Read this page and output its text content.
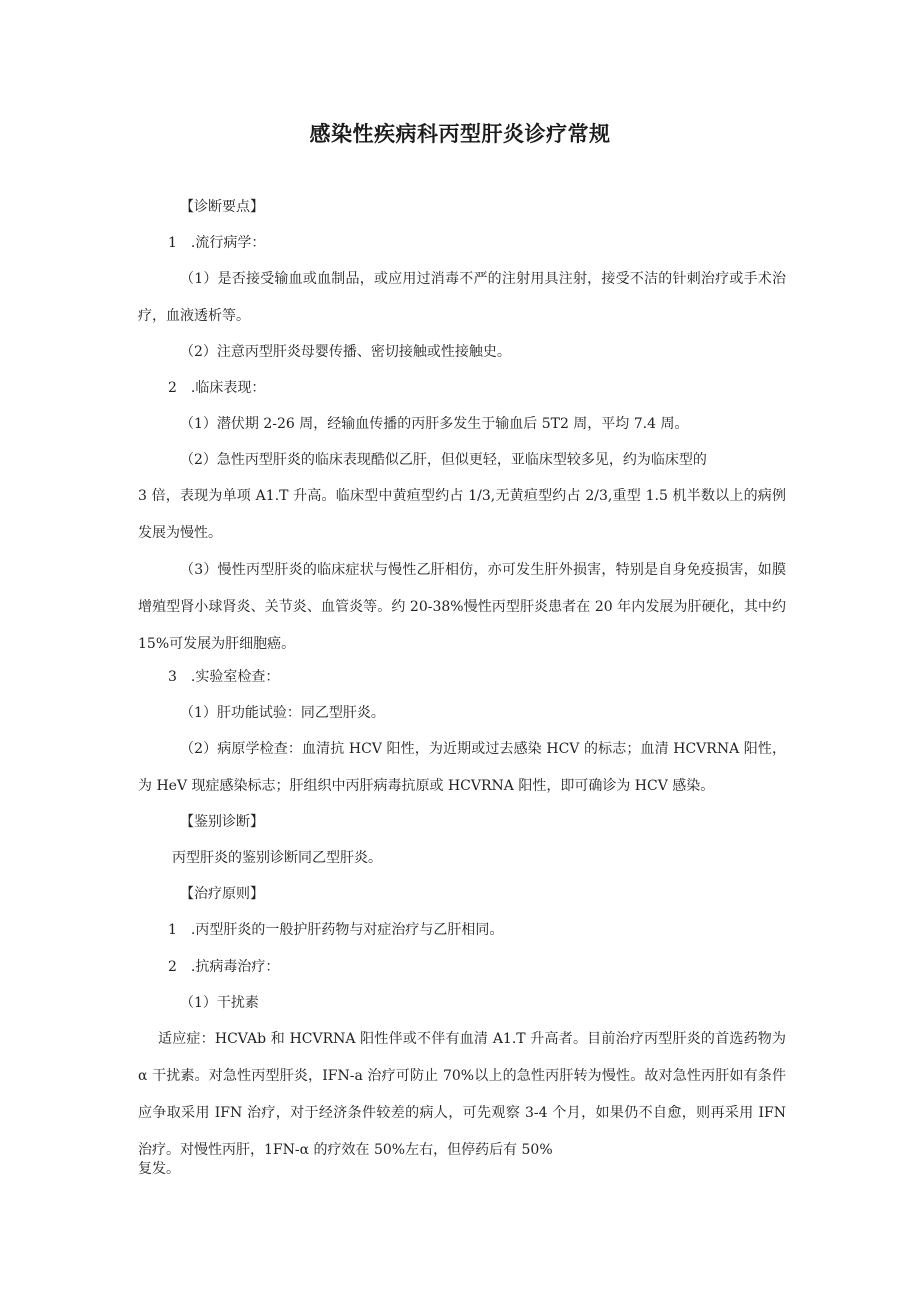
感染性疾病科丙型肝炎诊疗常规
【诊断要点】
1　.流行病学：
（1）是否接受输血或血制品，或应用过消毒不严的注射用具注射，接受不洁的针刺治疗或手术治疗，血液透析等。
（2）注意丙型肝炎母婴传播、密切接触或性接触史。
2　.临床表现：
（1）潜伏期 2-26 周，经输血传播的丙肝多发生于输血后 5T2 周，平均 7.4 周。
（2）急性丙型肝炎的临床表现酷似乙肝，但似更轻，亚临床型较多见，约为临床型的
3 倍，表现为单项 A1.T 升高。临床型中黄疸型约占 1/3,无黄疸型约占 2/3,重型 1.5 机半数以上的病例发展为慢性。
（3）慢性丙型肝炎的临床症状与慢性乙肝相仿，亦可发生肝外损害，特别是自身免疫损害，如膜增殖型肾小球肾炎、关节炎、血管炎等。约 20-38%慢性丙型肝炎患者在 20 年内发展为肝硬化，其中约 15%可发展为肝细胞癌。
3　.实验室检查：
（1）肝功能试验：同乙型肝炎。
（2）病原学检查：血清抗 HCV 阳性，为近期或过去感染 HCV 的标志；血清 HCVRNA 阳性，为 HeV 现症感染标志；肝组织中丙肝病毒抗原或 HCVRNA 阳性，即可确诊为 HCV 感染。
【鉴别诊断】
丙型肝炎的鉴别诊断同乙型肝炎。
【治疗原则】
1　.丙型肝炎的一般护肝药物与对症治疗与乙肝相同。
2　.抗病毒治疗：
（1）干扰素
适应症：HCVAb 和 HCVRNA 阳性伴或不伴有血清 A1.T 升高者。目前治疗丙型肝炎的首选药物为 α 干扰素。对急性丙型肝炎，IFN-a 治疗可防止 70%以上的急性丙肝转为慢性。故对急性丙肝如有条件应争取采用 IFN 治疗，对于经济条件较差的病人，可先观察 3-4 个月，如果仍不自愈，则再采用 IFN 治疗。对慢性丙肝，1FN-α 的疗效在 50%左右，但停药后有 50%
复发。
